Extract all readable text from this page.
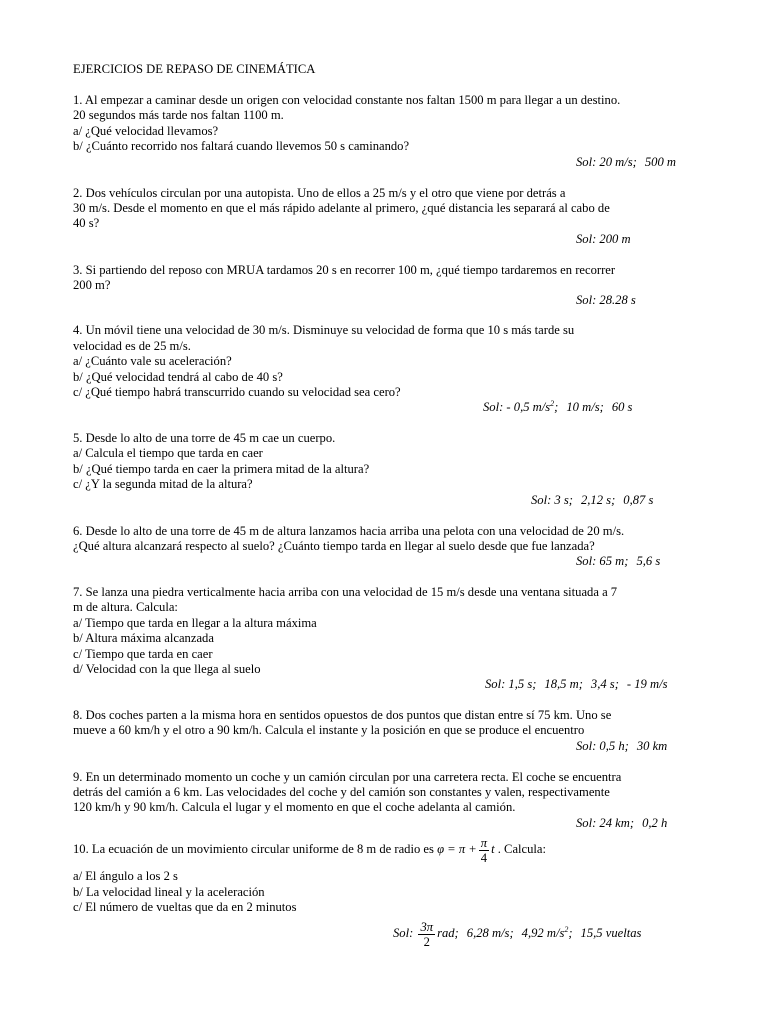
EJERCICIOS DE REPASO DE CINEMÁTICA
1. Al empezar a caminar desde un origen con velocidad constante nos faltan 1500 m para llegar a un destino.
20 segundos más tarde nos faltan 1100 m.
a/ ¿Qué velocidad llevamos?
b/ ¿Cuánto recorrido nos faltará cuando llevemos 50 s caminando?
Sol: 20 m/s; 500 m
2. Dos vehículos circulan por una autopista. Uno de ellos a 25 m/s y el otro que viene por detrás a
30 m/s. Desde el momento en que el más rápido adelante al primero, ¿qué distancia les separará al cabo de
40 s?
Sol: 200 m
3. Si partiendo del reposo con MRUA tardamos 20 s en recorrer 100 m, ¿qué tiempo tardaremos en recorrer
200 m?
Sol: 28.28 s
4. Un móvil tiene una velocidad de 30 m/s. Disminuye su velocidad de forma que 10 s más tarde su
velocidad es de 25 m/s.
a/ ¿Cuánto vale su aceleración?
b/ ¿Qué velocidad tendrá al cabo de 40 s?
c/ ¿Qué tiempo habrá transcurrido cuando su velocidad sea cero?
Sol: - 0,5 $m/s^2$; 10 m/s; 60 s
5. Desde lo alto de una torre de 45 m cae un cuerpo.
a/ Calcula el tiempo que tarda en caer
b/ ¿Qué tiempo tarda en caer la primera mitad de la altura?
c/ ¿Y la segunda mitad de la altura?
Sol: 3 s; 2,12 s; 0,87 s
6. Desde lo alto de una torre de 45 m de altura lanzamos hacia arriba una pelota con una velocidad de 20 m/s.
¿Qué altura alcanzará respecto al suelo? ¿Cuánto tiempo tarda en llegar al suelo desde que fue lanzada?
Sol: 65 m; 5,6 s
7. Se lanza una piedra verticalmente hacia arriba con una velocidad de 15 m/s desde una ventana situada a 7
m de altura. Calcula:
a/ Tiempo que tarda en llegar a la altura máxima
b/ Altura máxima alcanzada
c/ Tiempo que tarda en caer
d/ Velocidad con la que llega al suelo
Sol: 1,5 s; 18,5 m; 3,4 s; - 19 m/s
8. Dos coches parten a la misma hora en sentidos opuestos de dos puntos que distan entre sí 75 km. Uno se
mueve a 60 km/h y el otro a 90 km/h. Calcula el instante y la posición en que se produce el encuentro
Sol: 0,5 h; 30 km
9. En un determinado momento un coche y un camión circulan por una carretera recta. El coche se encuentra
detrás del camión a 6 km. Las velocidades del coche y del camión son constantes y valen, respectivamente
120 km/h y 90 km/h. Calcula el lugar y el momento en que el coche adelanta al camión.
Sol: 24 km; 0,2 h
10. La ecuación de un movimiento circular uniforme de 8 m de radio es $\varphi = \pi + \frac{\pi}{4}$ t . Calcula:
a/ El ángulo a los 2 s
b/ La velocidad lineal y la aceleración
c/ El número de vueltas que da en 2 minutos
Sol: $\frac{3\pi}{2}$ rad; 6,28 m/s; 4,92 $m/s^2$; 15,5 vueltas
